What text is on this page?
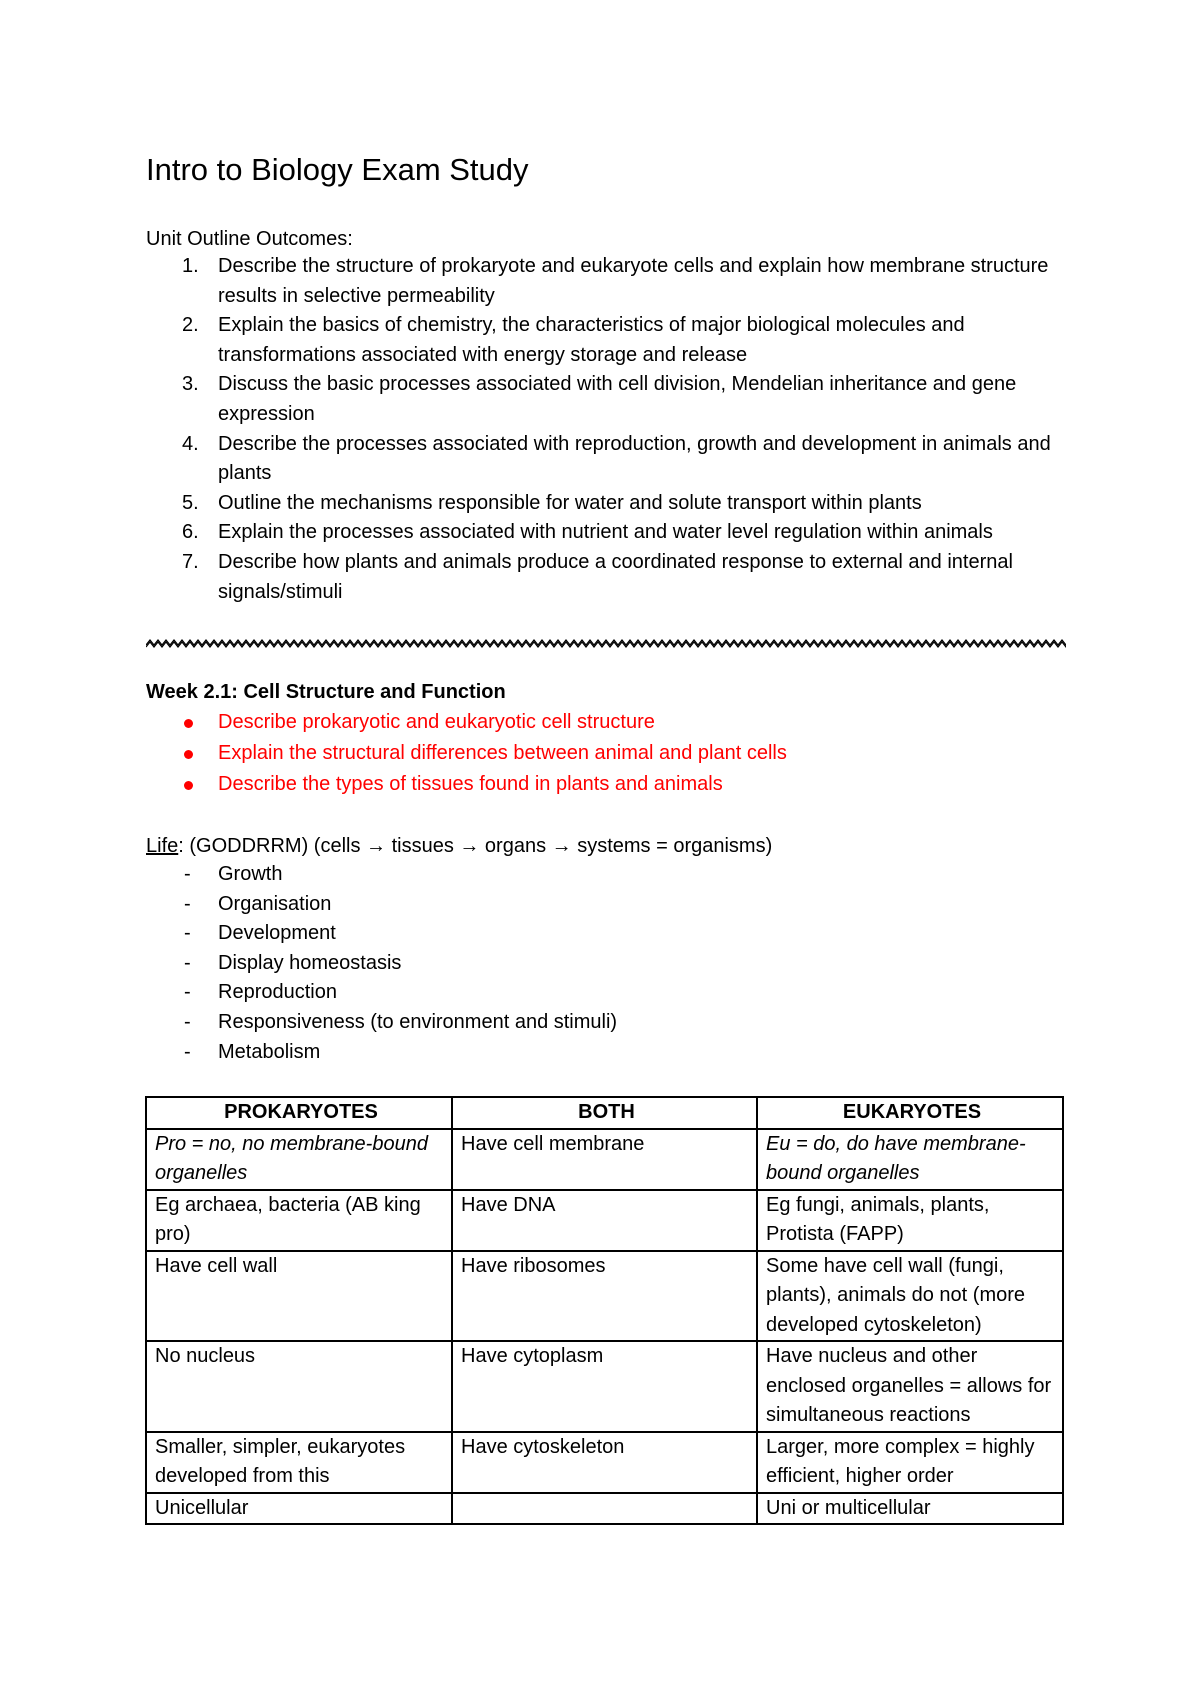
Intro to Biology Exam Study
Unit Outline Outcomes:
1. Describe the structure of prokaryote and eukaryote cells and explain how membrane structure results in selective permeability
2. Explain the basics of chemistry, the characteristics of major biological molecules and transformations associated with energy storage and release
3. Discuss the basic processes associated with cell division, Mendelian inheritance and gene expression
4. Describe the processes associated with reproduction, growth and development in animals and plants
5. Outline the mechanisms responsible for water and solute transport within plants
6. Explain the processes associated with nutrient and water level regulation within animals
7. Describe how plants and animals produce a coordinated response to external and internal signals/stimuli
Week 2.1: Cell Structure and Function
Describe prokaryotic and eukaryotic cell structure
Explain the structural differences between animal and plant cells
Describe the types of tissues found in plants and animals
Life: (GODDRRM) (cells → tissues → organs → systems = organisms)
- Growth
- Organisation
- Development
- Display homeostasis
- Reproduction
- Responsiveness (to environment and stimuli)
- Metabolism
PROKARYOTES	BOTH	EUKARYOTES
Pro = no, no membrane-bound organelles	Have cell membrane	Eu = do, do have membrane-bound organelles
Eg archaea, bacteria (AB king pro)	Have DNA	Eg fungi, animals, plants, Protista (FAPP)
Have cell wall	Have ribosomes	Some have cell wall (fungi, plants), animals do not (more developed cytoskeleton)
No nucleus	Have cytoplasm	Have nucleus and other enclosed organelles = allows for simultaneous reactions
Smaller, simpler, eukaryotes developed from this	Have cytoskeleton	Larger, more complex = highly efficient, higher order
Unicellular		Uni or multicellular
